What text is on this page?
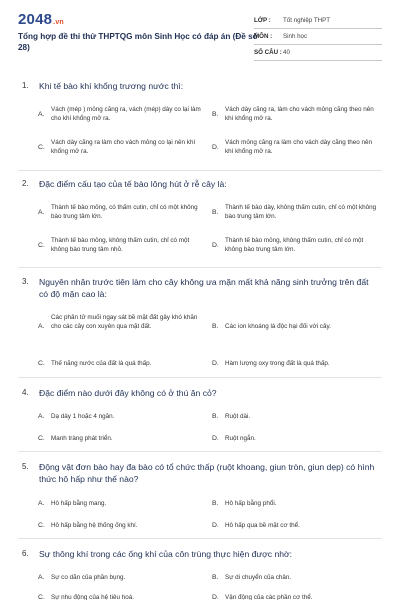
2048.vn
Tổng hợp đề thi thử THPTQG môn Sinh Học có đáp án (Đề số 28)
LỚP : Tốt nghiệp THPT
MÔN : Sinh học
SỐ CÂU : 40
1. Khi tế bào khí khổng trương nước thì:
A.
Vách (mép ) mỏng căng ra, vách (mép) dày co lại làm cho khí khổng mở ra.
B.
Vách dày căng ra, làm cho vách mỏng căng theo nên khí khổng mở ra.
C.
Vách dày căng ra làm cho vách mỏng co lại nên khí khổng mở ra.
D.
Vách mỏng căng ra làm cho vách dày căng theo nên khí khổng mở ra.
2. Đặc điểm cấu tạo của tế bào lông hút ở rễ cây là:
A.
Thành tế bào mỏng, có thấm cutin, chỉ có một không bào trung tâm lớn.
B.
Thành tế bào dày, không thấm cutin, chỉ có một không bào trung tâm lớn.
C.
Thành tế bào mỏng, không thấm cutin, chỉ có một không bào trung tâm nhỏ.
D.
Thành tế bào mỏng, không thấm cutin, chỉ có một không bào trung tâm lớn.
3. Nguyên nhân trước tiên làm cho cây không ưa mặn mất khả năng sinh trưởng trên đất có độ mặn cao là:
A.
Các phân tử muối ngay sát bề mặt đất gây khó khăn cho các cây con xuyên qua mặt đất.	B. Các ion khoáng là độc hại đối với cây.
C. Thế năng nước của đất là quá thấp.	D. Hàm lượng oxy trong đất là quá thấp.
4. Đặc điểm nào dưới đây không có ở thú ăn cỏ?
A. Dạ dày 1 hoặc 4 ngăn.	B. Ruột dài.
C. Manh tràng phát triển.	D. Ruột ngắn.
5. Động vật đơn bào hay đa bào có tổ chức thấp (ruột khoang, giun tròn, giun dẹp) có hình thức hô hấp như thế nào?
A. Hô hấp bằng mang.	B. Hô hấp bằng phổi.
C. Hô hấp bằng hệ thống ống khí.	D. Hô hấp qua bề mặt cơ thể.
6. Sự thông khí trong các ống khí của côn trùng thực hiện được nhờ:
A. Sự co dãn của phần bụng.	B. Sự di chuyển của chân.
C. Sự nhu động của hệ tiêu hoá.	D. Vận động của các phần cơ thể.
